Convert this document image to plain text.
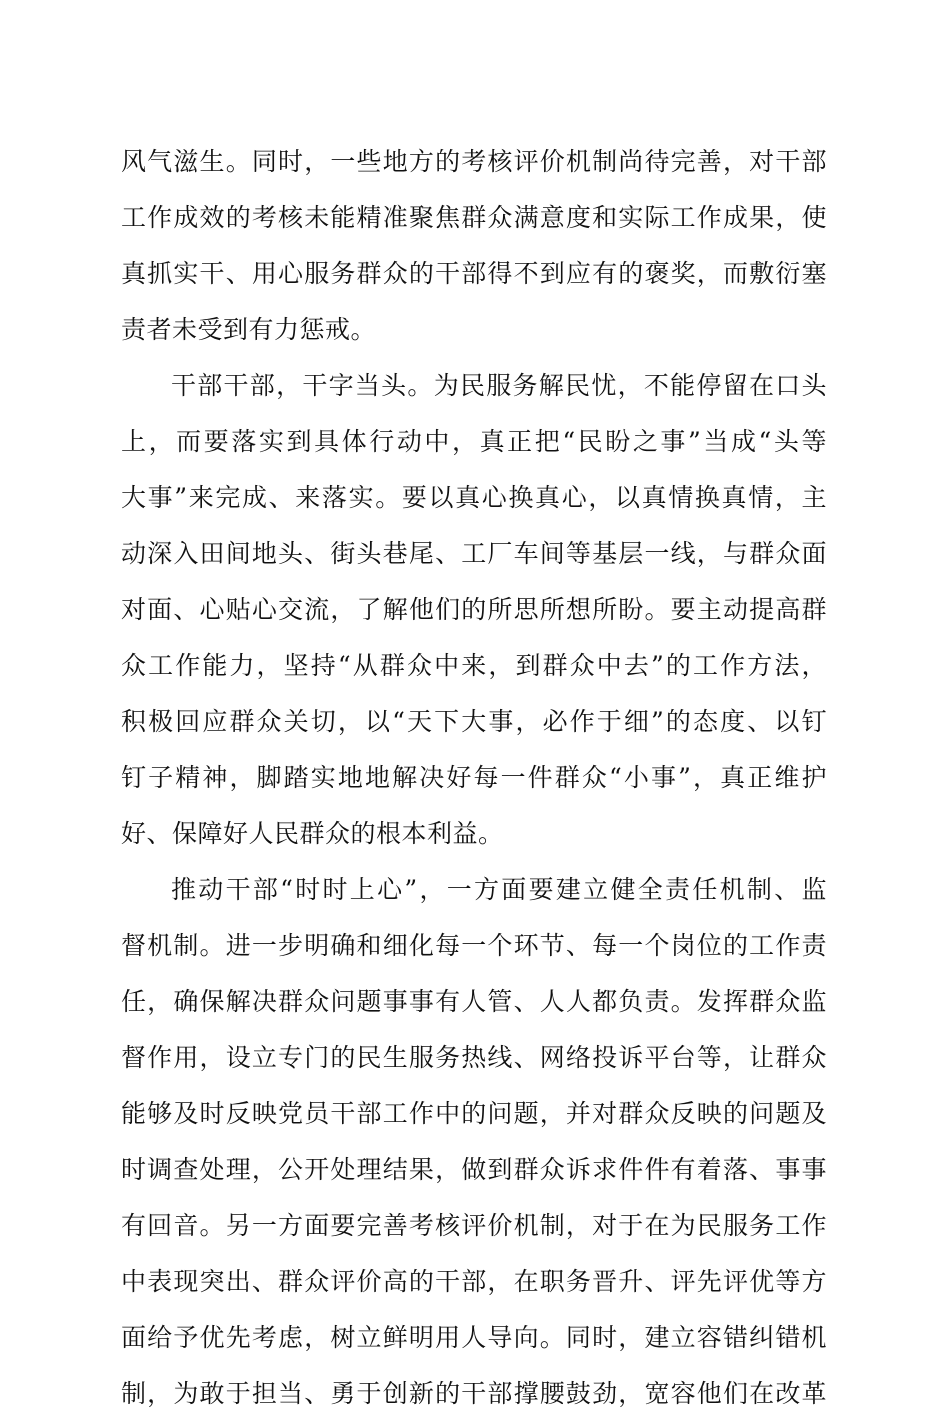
风气滋生。同时，一些地方的考核评价机制尚待完善，对干部
工作成效的考核未能精准聚焦群众满意度和实际工作成果，使
真抓实干、用心服务群众的干部得不到应有的褒奖，而敷衍塞
责者未受到有力惩戒。
干部干部，干字当头。为民服务解民忧，不能停留在口头
上，而要落实到具体行动中，真正把“民盼之事”当成“头等
大事”来完成、来落实。要以真心换真心，以真情换真情，主
动深入田间地头、街头巷尾、工厂车间等基层一线，与群众面
对面、心贴心交流，了解他们的所思所想所盼。要主动提高群
众工作能力，坚持“从群众中来，到群众中去”的工作方法，
积极回应群众关切，以“天下大事，必作于细”的态度、以钉
钉子精神，脚踏实地地解决好每一件群众“小事”，真正维护
好、保障好人民群众的根本利益。
推动干部“时时上心”，一方面要建立健全责任机制、监
督机制。进一步明确和细化每一个环节、每一个岗位的工作责
任，确保解决群众问题事事有人管、人人都负责。发挥群众监
督作用，设立专门的民生服务热线、网络投诉平台等，让群众
能够及时反映党员干部工作中的问题，并对群众反映的问题及
时调查处理，公开处理结果，做到群众诉求件件有着落、事事
有回音。另一方面要完善考核评价机制，对于在为民服务工作
中表现突出、群众评价高的干部，在职务晋升、评先评优等方
面给予优先考虑，树立鲜明用人导向。同时，建立容错纠错机
制，为敢于担当、勇于创新的干部撑腰鼓劲，宽容他们在改革
